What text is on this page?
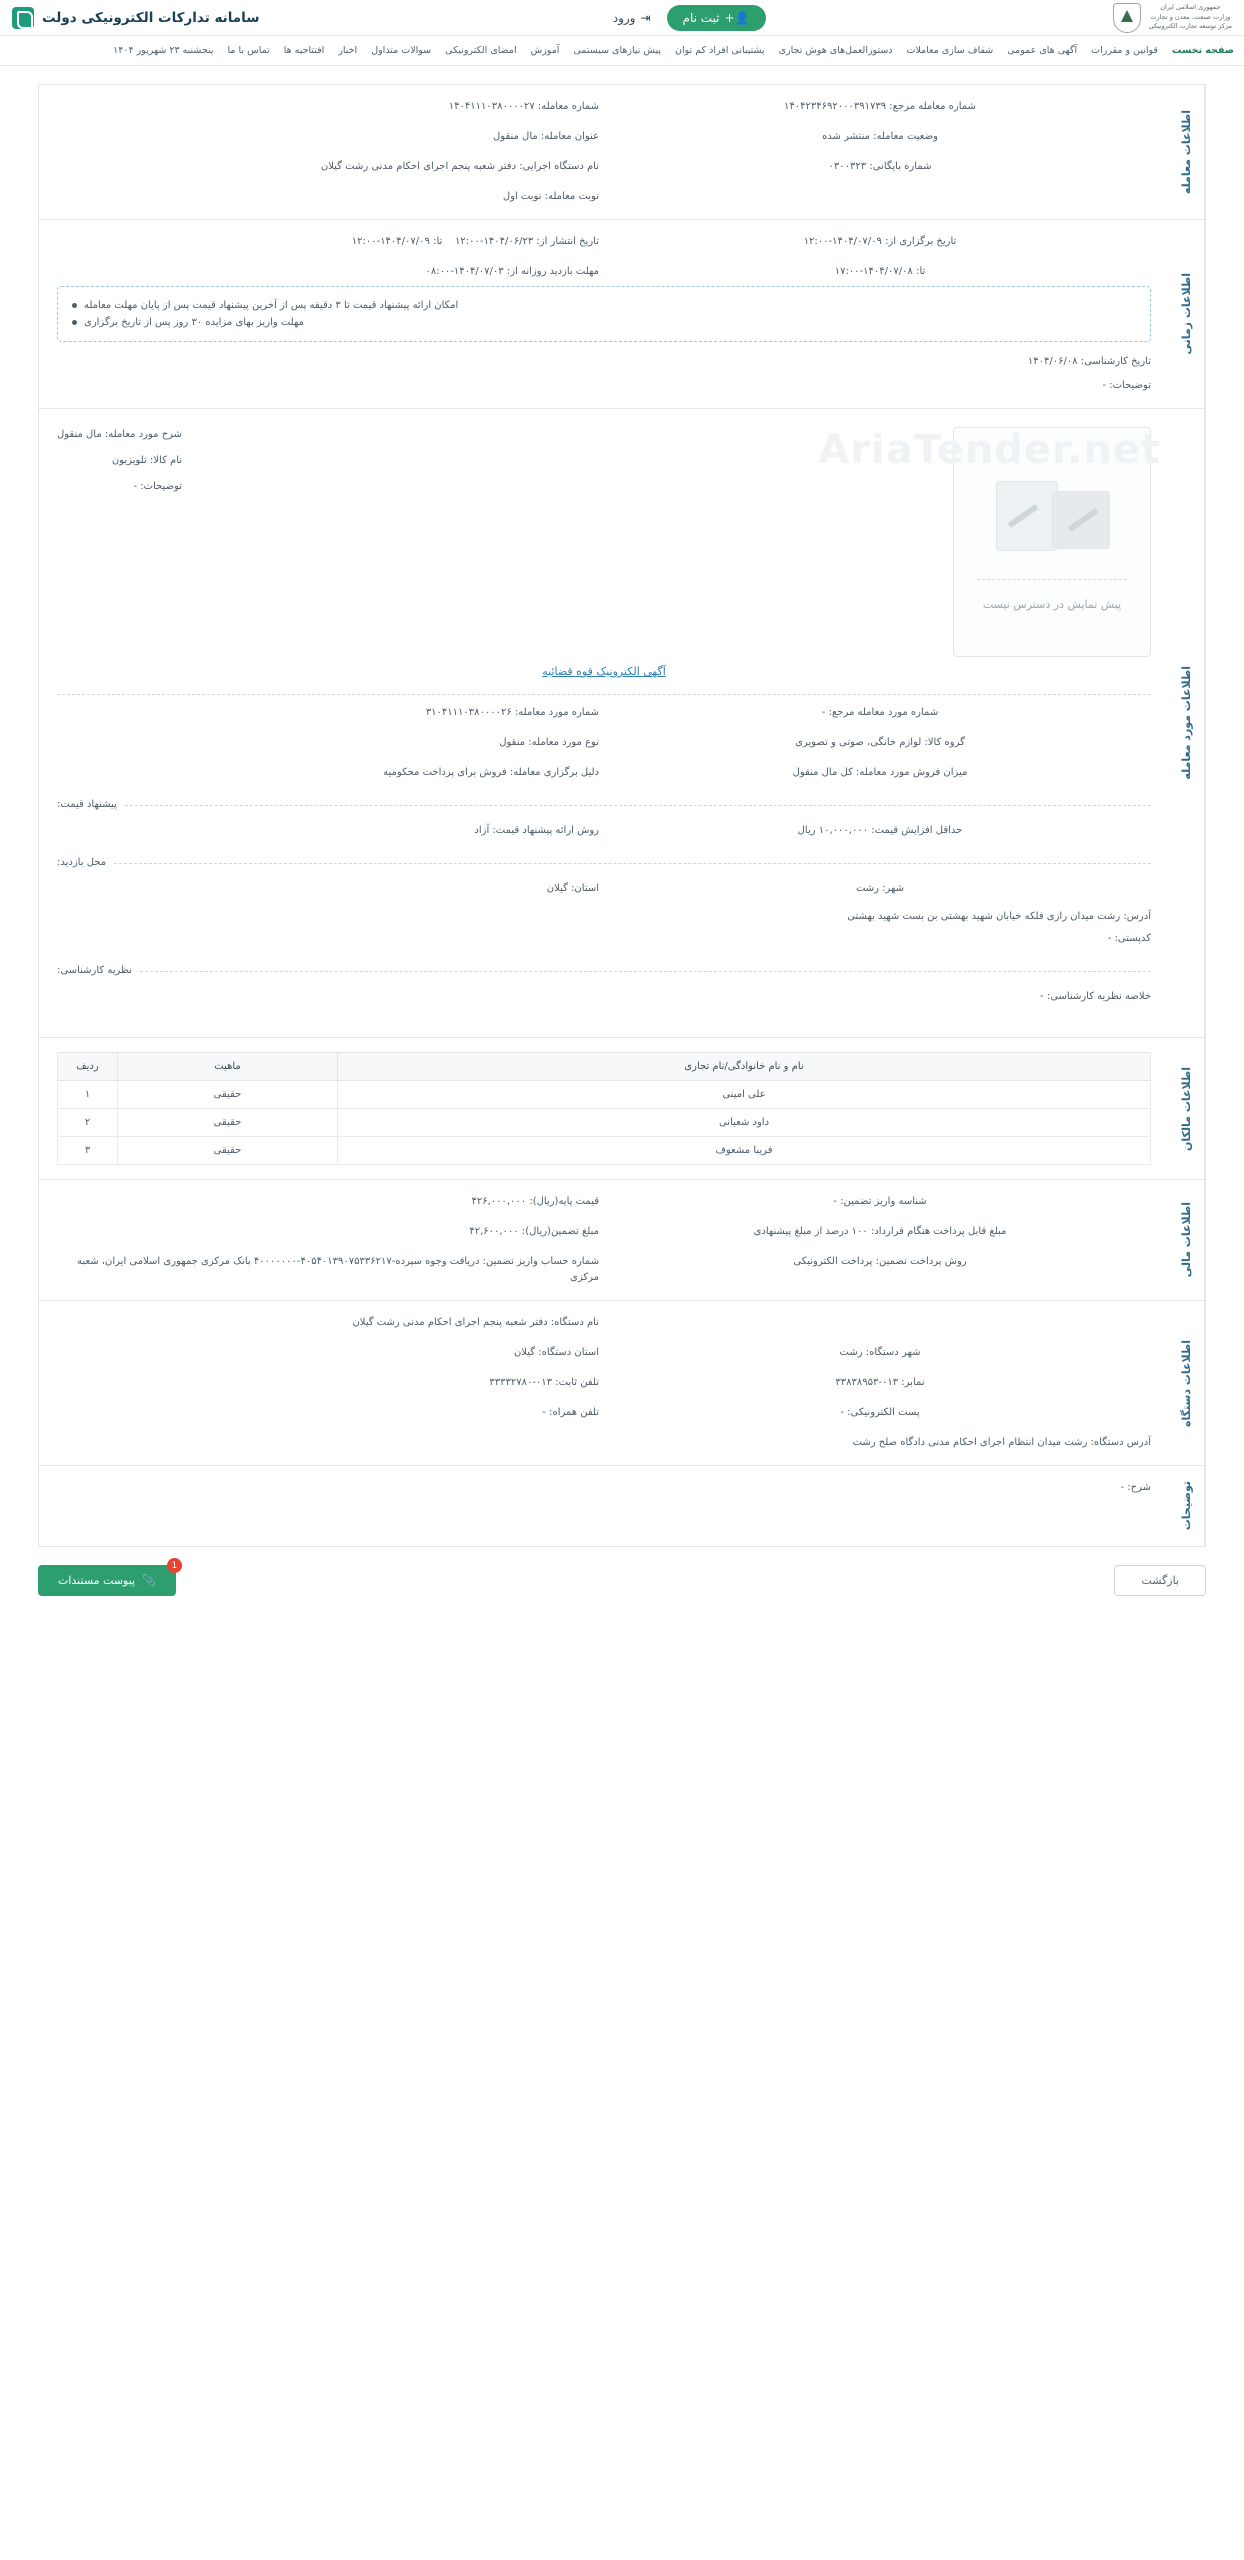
جمهوری اسلامی ایران
وزارت صنعت، معدن و تجارت
مرکز توسعه تجارت الکترونیکی
👤+
ثبت نام
⇥
ورود
سامانه تدارکات الکترونیکی دولت
صفحه نخست
قوانین و مقررات
آگهی های عمومی
شفاف سازی معاملات
دستورالعمل‌های هوش تجاری
پشتیبانی افراد کم توان
پیش نیازهای سیستمی
آموزش
امضای الکترونیکی
سوالات متداول
اخبار
افتتاحیه ها
تماس با ما
پنجشنبه ۲۳ شهریور ۱۴۰۴
اطلاعات معامله
شماره معامله مرجع: ۱۴۰۴۲۳۴۶۹۲۰۰۰۳۹۱۷۳۹
شماره معامله: ۱۴۰۴۱۱۱۰۳۸۰۰۰۰۲۷
وضعیت معامله: منتشر شده
عنوان معامله: مال منقول
شماره بایگانی: ۰۳۰۰۳۲۳
نام دستگاه اجرایی: دفتر شعبه پنجم اجرای احکام مدنی رشت گیلان
نوبت معامله: نوبت اول
اطلاعات زمانی
تاریخ برگزاری از: ۱۴۰۴/۰۷/۰۹-۱۲:۰۰
تاریخ انتشار از: ۱۴۰۴/۰۶/۲۳-۱۲:۰۰    تا: ۱۴۰۴/۰۷/۰۹-۱۲:۰۰
تا: ۱۴۰۴/۰۷/۰۸-۱۷:۰۰
مهلت بازدید روزانه از: ۱۴۰۴/۰۷/۰۳-۰۸:۰۰
امکان ارائه پیشنهاد قیمت تا ۳ دقیقه پس از آخرین پیشنهاد قیمت پس از پایان مهلت معامله
مهلت واریز بهای مزایده ۳۰ روز پس از تاریخ برگزاری
تاریخ کارشناسی: ۱۴۰۴/۰۶/۰۸
توضیحات: -
اطلاعات مورد معامله
AriaTender.net
پیش نمایش در دسترس نیست
شرح مورد معامله: مال منقول
نام کالا: تلویزیون
توضیحات: -
آگهی الکترونیک قوه قضائیه
شماره مورد معامله مرجع: -
شماره مورد معامله: ۳۱۰۴۱۱۱۰۳۸۰۰۰۰۲۶
گروه کالا: لوازم خانگی، صوتی و تصویری
نوع مورد معامله: منقول
میزان فروش مورد معامله: کل مال منقول
دلیل برگزاری معامله: فروش برای پرداخت محکومیه
پیشنهاد قیمت:
حداقل افزایش قیمت: ۱۰,۰۰۰,۰۰۰ ریال
روش ارائه پیشنهاد قیمت: آزاد
محل بازدید:
شهر: رشت
استان: گیلان
آدرس: رشت میدان رازی فلکه خیابان شهید بهشتی بن بست شهید بهشتی
کدپستی: -
نظریه کارشناسی:
خلاصه نظریه کارشناسی: -
اطلاعات مالکان
نام و نام خانوادگی/نام تجاری	ماهیت	ردیف
علی امینی	حقیقی	۱
داود شعبانی	حقیقی	۲
فریبا مشعوف	حقیقی	۳
اطلاعات مالی
شناسه واریز تضمین: -
قیمت پایه(ریال): ۴۲۶,۰۰۰,۰۰۰
مبلغ قابل پرداخت هنگام قرارداد: ۱۰۰ درصد از مبلغ پیشنهادی
مبلغ تضمین(ریال): ۴۲,۶۰۰,۰۰۰
روش پرداخت تضمین: پرداخت الکترونیکی
شماره حساب واریز تضمین: دریافت وجوه سپرده-۴۰۵۴۰۱۳۹۰۷۵۳۳۶۲۱۷-۴۰۰۰۰۰۰۰ بانک مرکزی جمهوری اسلامی ایران، شعبه مرکزی
اطلاعات دستگاه
نام دستگاه: دفتر شعبه پنجم اجرای احکام مدنی رشت گیلان
شهر دستگاه: رشت
استان دستگاه: گیلان
نمابر: ۰۱۳-۳۳۸۳۸۹۵۳
تلفن ثابت: ۰۱۳-۳۳۳۳۲۷۸۰
پست الکترونیکی: -
تلفن همراه: -
آدرس دستگاه: رشت میدان انتظام اجرای احکام مدنی دادگاه صلح رشت
توضیحات
شرح: -
بازگشت
1
📎
پیوست مستندات
